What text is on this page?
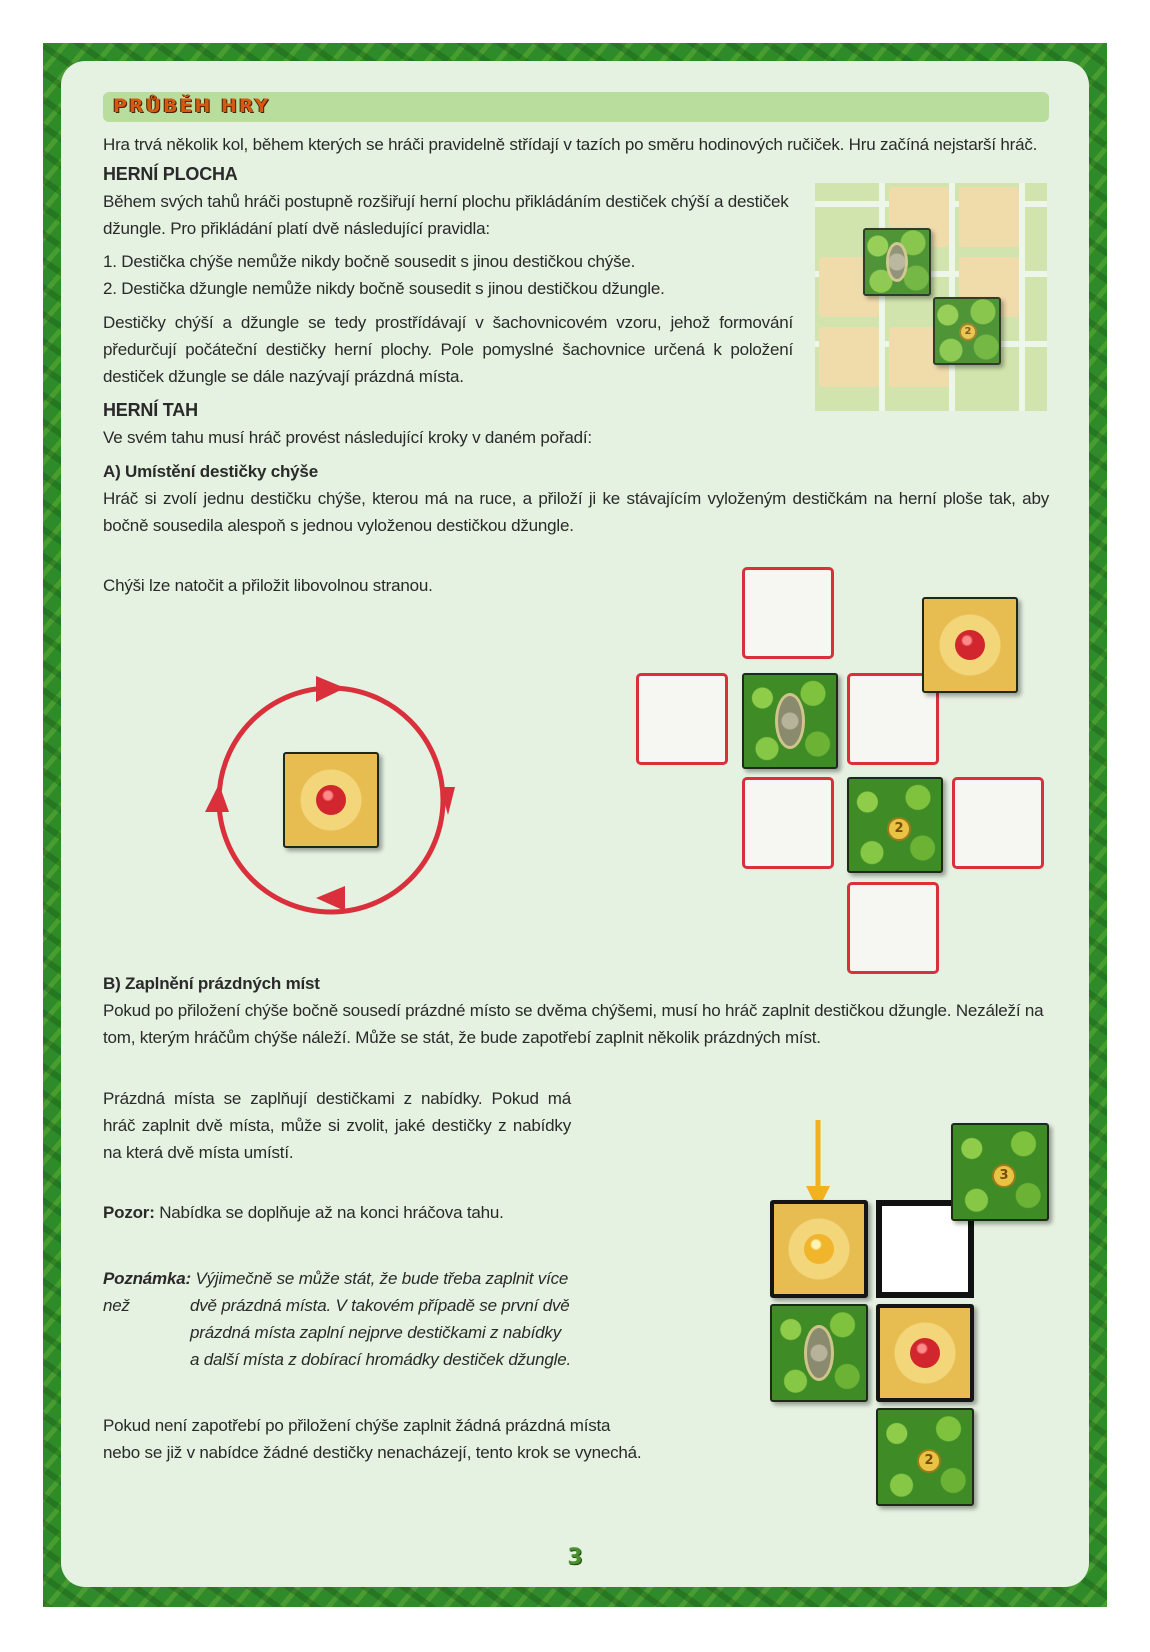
PRŮBĚH HRY
Hra trvá několik kol, během kterých se hráči pravidelně střídají v tazích po směru hodinových ručiček. Hru začíná nejstarší hráč.
HERNÍ PLOCHA
Během svých tahů hráči postupně rozšiřují herní plochu přikládáním destiček chýší a destiček džungle. Pro přikládání platí dvě následující pravidla:
1. Destička chýše nemůže nikdy bočně sousedit s jinou destičkou chýše.
2. Destička džungle nemůže nikdy bočně sousedit s jinou destičkou džungle.
Destičky chýší a džungle se tedy prostřídávají v šachovnicovém vzoru, jehož formování předurčují počáteční destičky herní plochy. Pole pomyslné šachovnice určená k položení destiček džungle se dále nazývají prázdná místa.
HERNÍ TAH
Ve svém tahu musí hráč provést následující kroky v daném pořadí:
A) Umístění destičky chýše
Hráč si zvolí jednu destičku chýše, kterou má na ruce, a přiloží ji ke stávajícím vyloženým destičkám na herní ploše tak, aby bočně sousedila alespoň s jednou vyloženou destičkou džungle.
Chýši lze natočit a přiložit libovolnou stranou.
B) Zaplnění prázdných míst
Pokud po přiložení chýše bočně sousedí prázdné místo se dvěma chýšemi, musí ho hráč zaplnit destičkou džungle. Nezáleží na tom, kterým hráčům chýše náleží. Může se stát, že bude zapotřebí zaplnit několik prázdných míst.
Prázdná místa se zaplňují destičkami z nabídky. Pokud má hráč zaplnit dvě místa, může si zvolit, jaké destičky z nabídky na která dvě místa umístí.
Pozor: Nabídka se doplňuje až na konci hráčova tahu.
Poznámka: Výjimečně se může stát, že bude třeba zaplnit více než	dvě prázdná místa. V takovém případě se první dvě
prázdná místa zaplní nejprve destičkami z nabídky
a další místa z dobírací hromádky destiček džungle.
Pokud není zapotřebí po přiložení chýše zaplnit žádná prázdná místa
nebo se již v nabídce žádné destičky nenacházejí, tento krok se vynechá.
2
2
3
2
3
